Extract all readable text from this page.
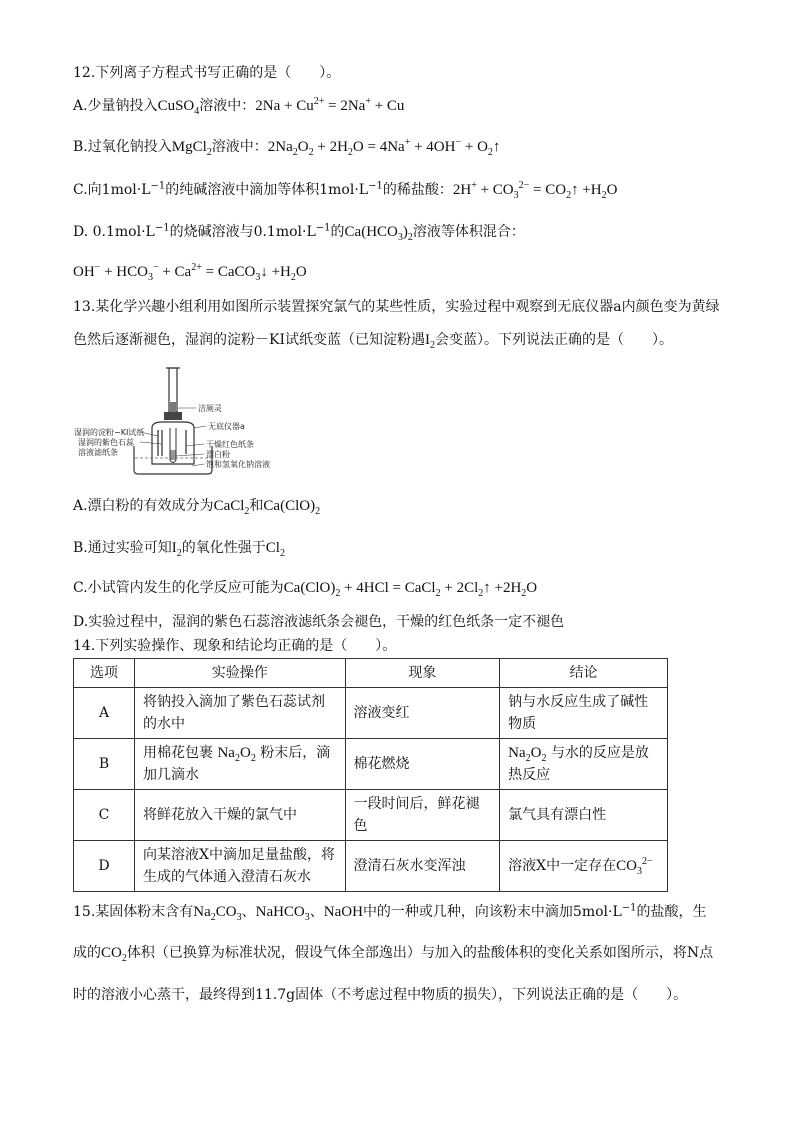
12.下列离子方程式书写正确的是（　　）。
A.少量钠投入CuSO$_4$溶液中：$2Na + Cu^{2+} = 2Na^+ + Cu$
B.过氧化钠投入MgCl$_2$溶液中：$2Na_2O_2 + 2H_2O = 4Na^+ + 4OH^-$ + $O_2↑$
C.向$1mol\cdot L^{-1}$的纯碱溶液中滴加等体积$1mol\cdot L^{-1}$的稀盐酸：$2H^+ + CO_3^{2-}$ = $CO_2↑ +H_2O$
D. $0.1mol\cdot L^{-1}$的烧碱溶液与$0.1mol\cdot L^{-1}$的$Ca(HCO_3)_2$溶液等体积混合：
$OH^- + HCO_3^- + Ca^{2+}$ = CaCO$_3$↓ $+H_2O$
13.某化学兴趣小组利用如图所示装置探究氯气的某些性质，实验过程中观察到无底仪器a内颜色变为黄绿
色然后逐渐褪色，湿润的淀粉－KI试纸变蓝（已知淀粉遇$I_2$会变蓝）。下列说法正确的是（　　）。
洁厕灵
无底仪器a
湿润的淀粉−KI试纸
湿润的紫色石蕊
溶液滤纸条
干燥红色纸条
漂白粉
饱和氢氧化钠溶液
A.漂白粉的有效成分为CaCl$_2$和$Ca(ClO)_2$
B.通过实验可知$I_2$的氧化性强于$Cl_2$
C.小试管内发生的化学反应可能为$Ca(ClO)_2 + 4HCl$ = CaCl$_2$ + $2Cl_2↑ +2H_2O$
D.实验过程中，湿润的紫色石蕊溶液滤纸条会褪色，干燥的红色纸条一定不褪色
14.下列实验操作、现象和结论均正确的是（　　）。
选项	实验操作	现象	结论
A	将钠投入滴加了紫色石蕊试剂的水中	溶液变红	钠与水反应生成了碱性物质
B	用棉花包裹 $Na_2O_2$ 粉末后，滴加几滴水	棉花燃烧	$Na_2O_2$ 与水的反应是放热反应
C	将鲜花放入干燥的氯气中	一段时间后，鲜花褪色	氯气具有漂白性
D	向某溶液X中滴加足量盐酸，将生成的气体通入澄清石灰水	澄清石灰水变浑浊	溶液X中一定存在$CO_3^{2-}$
15.某固体粉末含有$Na_2CO_3$、NaHCO$_3$、NaOH中的一种或几种，向该粉末中滴加$5mol\cdot L^{-1}$的盐酸，生
成的$CO_2$体积（已换算为标准状况，假设气体全部逸出）与加入的盐酸体积的变化关系如图所示，将N点
时的溶液小心蒸干，最终得到11.7g固体（不考虑过程中物质的损失），下列说法正确的是（　　）。
